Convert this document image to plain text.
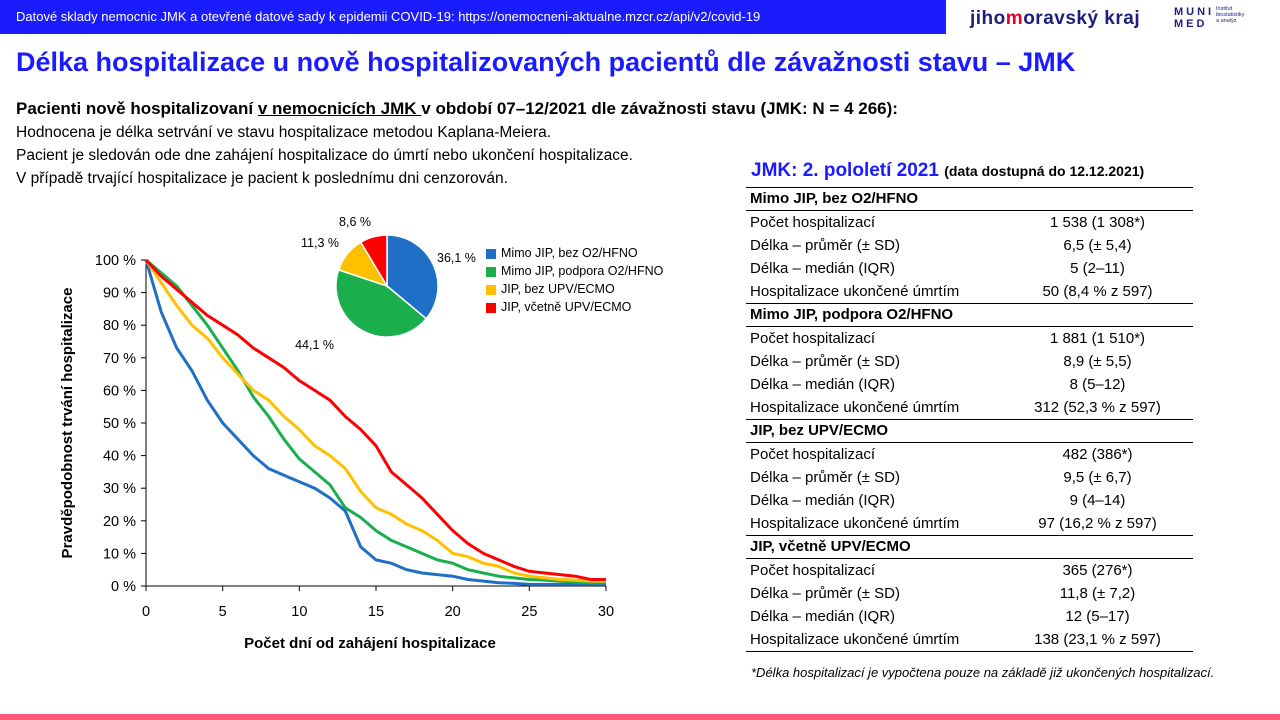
Datové sklady nemocnic JMK a otevřené datové sady k epidemii COVID-19: https://onemocneni-aktualne.mzcr.cz/api/v2/covid-19	jihomoravský kraj	MUNI
MED
Institut
biostatistiky
a analýz
Délka hospitalizace u nově hospitalizovaných pacientů dle závažnosti stavu – JMK
Pacienti nově hospitalizovaní v nemocnicích JMK v období 07–12/2021 dle závažnosti stavu (JMK: N = 4 266):
Hodnocena je délka setrvání ve stavu hospitalizace metodou Kaplana-Meiera.
Pacient je sledován ode dne zahájení hospitalizace do úmrtí nebo ukončení hospitalizace.
V případě trvající hospitalizace je pacient k poslednímu dni cenzorován.	JMK: 2. pololetí 2021 (data dostupná do 12.12.2021)
Mimo JIP, bez O2/HFNO
Počet hospitalizací	1 538 (1 308*)
Délka – průměr (± SD)	6,5 (± 5,4)
Délka – medián (IQR)	5 (2–11)
Hospitalizace ukončené úmrtím	50 (8,4 % z 597)
Mimo JIP, podpora O2/HFNO
Počet hospitalizací	1 881 (1 510*)
Délka – průměr (± SD)	8,9 (± 5,5)
Délka – medián (IQR)	8 (5–12)
Hospitalizace ukončené úmrtím	312 (52,3 % z 597)
JIP, bez UPV/ECMO
Počet hospitalizací	482 (386*)
Délka – průměr (± SD)	9,5 (± 6,7)
Délka – medián (IQR)	9 (4–14)
Hospitalizace ukončené úmrtím	97 (16,2 % z 597)
JIP, včetně UPV/ECMO
Počet hospitalizací	365 (276*)
Délka – průměr (± SD)	11,8 (± 7,2)
Délka – medián (IQR)	12 (5–17)
Hospitalizace ukončené úmrtím	138 (23,1 % z 597)
*Délka hospitalizací je vypočtena pouze na základě již ukončených hospitalizací.
0 %
10 %
20 %
30 %
40 %
50 %
60 %
70 %
80 %
90 %
100 %
0	5	10	15	20	25	30
Počet dní od zahájení hospitalizace
Pravděpodobnost trvání hospitalizace
36,1 %
44,1 %
11,3 %
8,6 %
Mimo JIP, bez O2/HFNO
Mimo JIP, podpora O2/HFNO
JIP, bez UPV/ECMO
JIP, včetně UPV/ECMO
